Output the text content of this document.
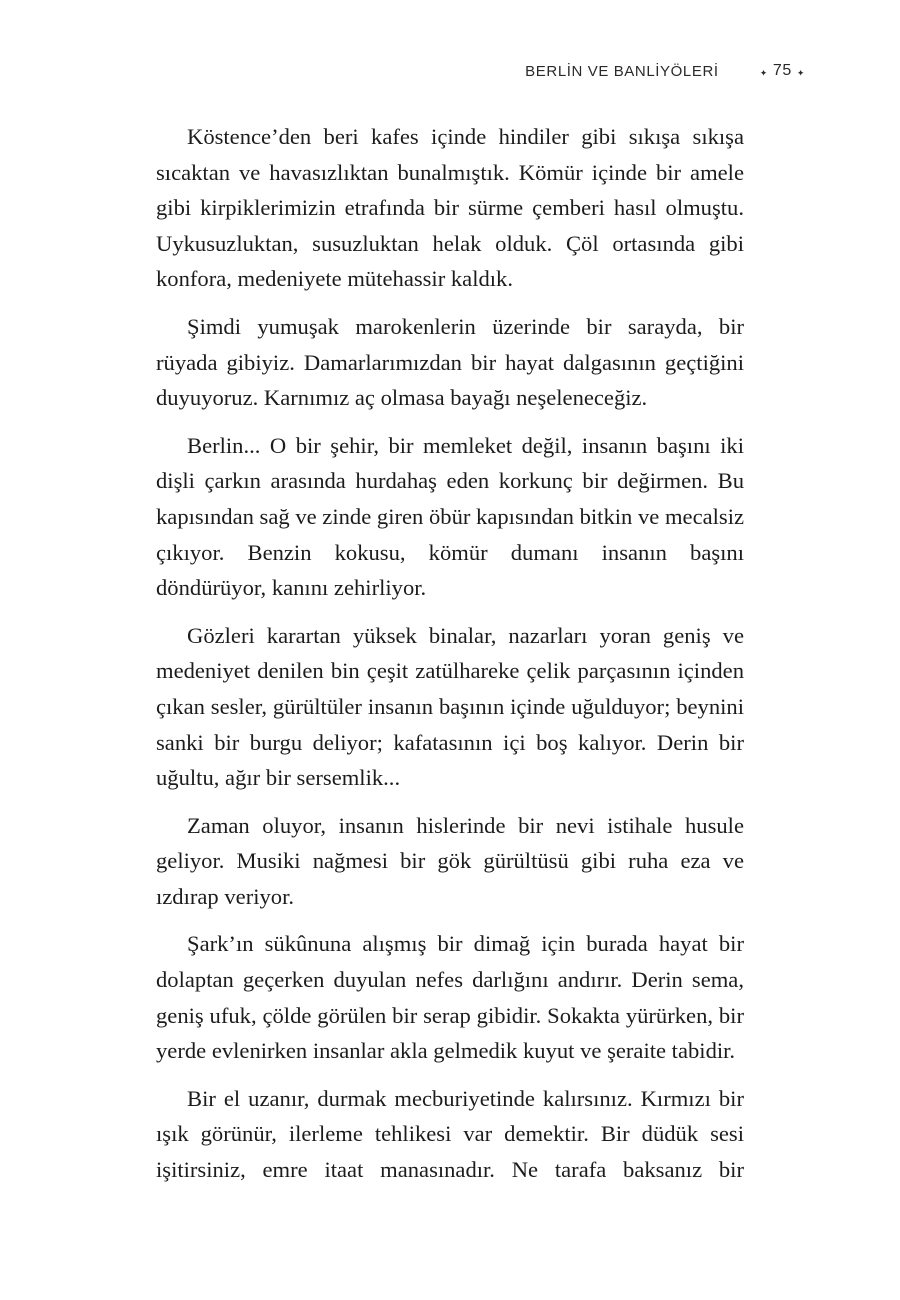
BERLİN VE BANLİYÖLERİ	✦ 75 ✦

Köstence’den beri kafes içinde hindiler gibi sıkışa sıkışa sıcaktan ve havasızlıktan bunalmıştık. Kömür içinde bir amele gibi kirpiklerimizin etrafında bir sürme çemberi hasıl olmuştu. Uykusuzluktan, susuzluktan helak olduk. Çöl ortasında gibi konfora, medeniyete mütehassir kaldık.

Şimdi yumuşak marokenlerin üzerinde bir sarayda, bir rüyada gibiyiz. Damarlarımızdan bir hayat dalgasının geçtiğini duyuyoruz. Karnımız aç olmasa bayağı neşeleneceğiz.

Berlin... O bir şehir, bir memleket değil, insanın başını iki dişli çarkın arasında hurdahaş eden korkunç bir değirmen. Bu kapısından sağ ve zinde giren öbür kapısından bitkin ve mecalsiz çıkıyor. Benzin kokusu, kömür dumanı insanın başını döndürüyor, kanını zehirliyor.

Gözleri karartan yüksek binalar, nazarları yoran geniş ve medeniyet denilen bin çeşit zatülhareke çelik parçasının içinden çıkan sesler, gürültüler insanın başının içinde uğulduyor; beynini sanki bir burgu deliyor; kafatasının içi boş kalıyor. Derin bir uğultu, ağır bir sersemlik...

Zaman oluyor, insanın hislerinde bir nevi istihale husule geliyor. Musiki nağmesi bir gök gürültüsü gibi ruha eza ve ızdırap veriyor.

Şark’ın sükûnuna alışmış bir dimağ için burada hayat bir dolaptan geçerken duyulan nefes darlığını andırır. Derin sema, geniş ufuk, çölde görülen bir serap gibidir. Sokakta yürürken, bir yerde evlenirken insanlar akla gelmedik kuyut ve şeraite tabidir.

Bir el uzanır, durmak mecburiyetinde kalırsınız. Kırmızı bir ışık görünür, ilerleme tehlikesi var demektir. Bir düdük sesi işitirsiniz, emre itaat manasınadır. Ne tarafa baksanız bir
